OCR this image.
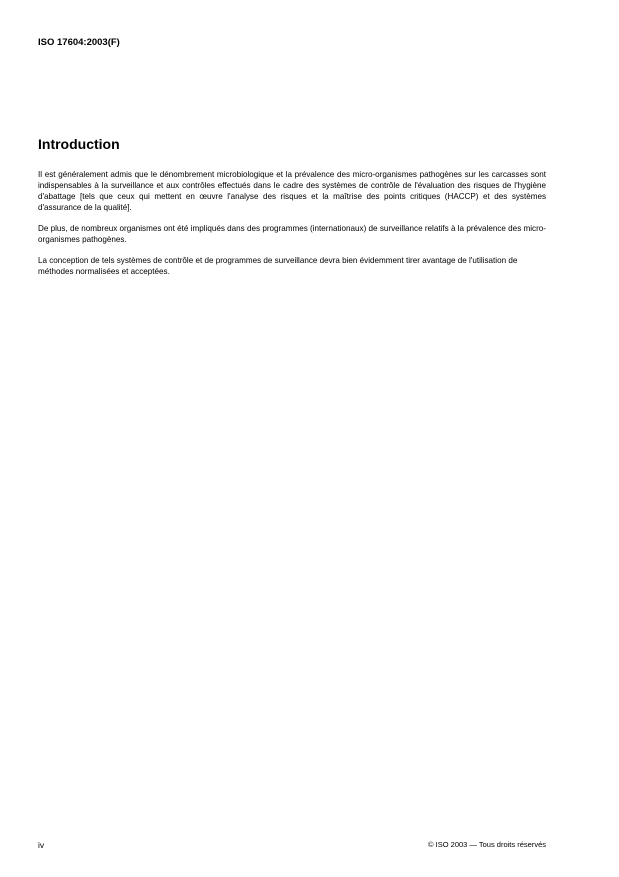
ISO 17604:2003(F)
Introduction

Il est généralement admis que le dénombrement microbiologique et la prévalence des micro-organismes pathogènes sur les carcasses sont indispensables à la surveillance et aux contrôles effectués dans le cadre des systèmes de contrôle de l'évaluation des risques de l'hygiène d'abattage [tels que ceux qui mettent en œuvre l'analyse des risques et la maîtrise des points critiques (HACCP) et des systèmes d'assurance de la qualité].

De plus, de nombreux organismes ont été impliqués dans des programmes (internationaux) de surveillance relatifs à la prévalence des micro-organismes pathogènes.

La conception de tels systèmes de contrôle et de programmes de surveillance devra bien évidemment tirer avantage de l'utilisation de méthodes normalisées et acceptées.

iv	© ISO 2003 — Tous droits réservés
